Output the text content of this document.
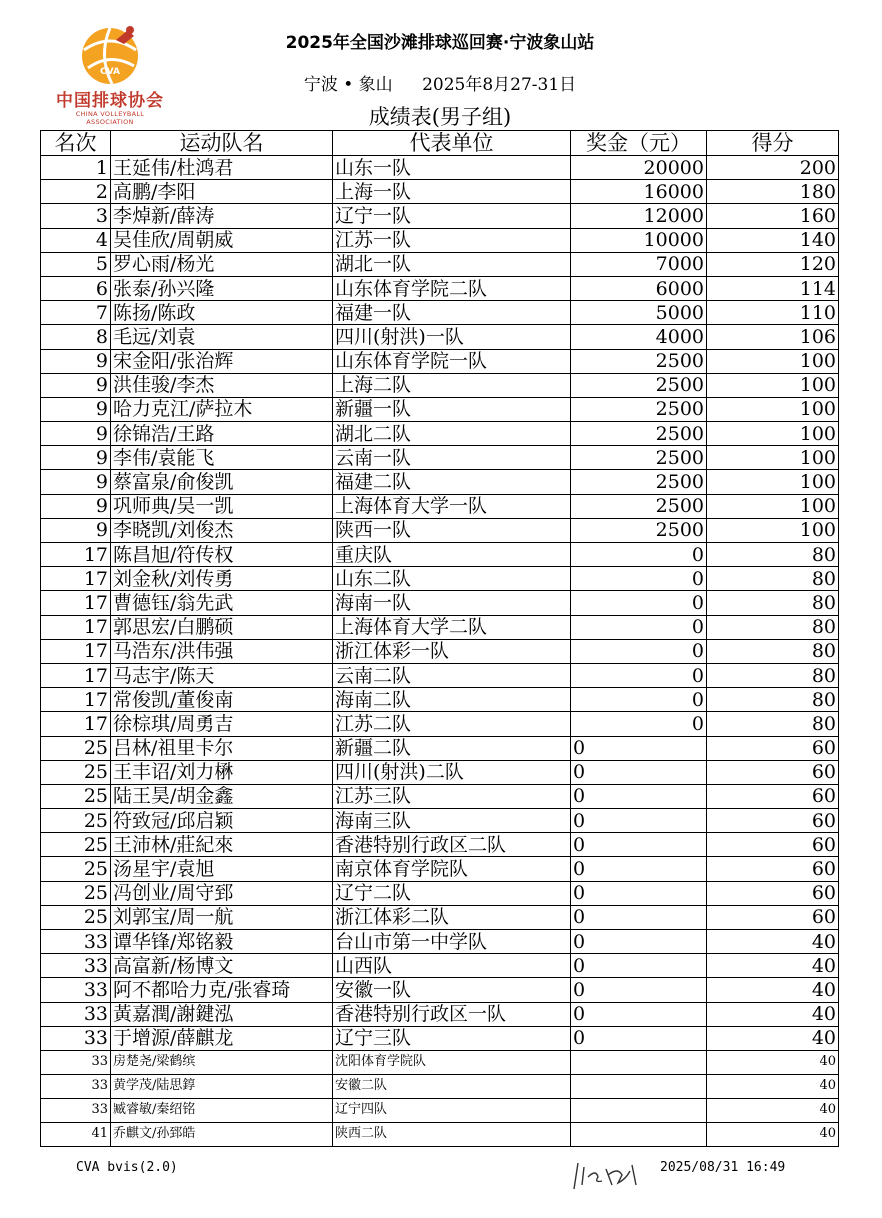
CVA
中国排球协会
CHINA VOLLEYBALL ASSOCIATION
2025年全国沙滩排球巡回赛·宁波象山站
宁波 • 象山 2025年8月27-31日
成绩表(男子组)
名次	运动队名	代表单位	奖金（元）	得分
1	王延伟/杜鸿君	山东一队	20000	200
2	高鹏/李阳	上海一队	16000	180
3	李焯新/薛涛	辽宁一队	12000	160
4	吴佳欣/周朝威	江苏一队	10000	140
5	罗心雨/杨光	湖北一队	7000	120
6	张泰/孙兴隆	山东体育学院二队	6000	114
7	陈扬/陈政	福建一队	5000	110
8	毛远/刘袁	四川(射洪)一队	4000	106
9	宋金阳/张治辉	山东体育学院一队	2500	100
9	洪佳骏/李杰	上海二队	2500	100
9	哈力克江/萨拉木	新疆一队	2500	100
9	徐锦浩/王路	湖北二队	2500	100
9	李伟/袁能飞	云南一队	2500	100
9	蔡富泉/俞俊凯	福建二队	2500	100
9	巩师典/吴一凯	上海体育大学一队	2500	100
9	李晓凯/刘俊杰	陕西一队	2500	100
17	陈昌旭/符传权	重庆队	0	80
17	刘金秋/刘传勇	山东二队	0	80
17	曹德钰/翁先武	海南一队	0	80
17	郭思宏/白鹏硕	上海体育大学二队	0	80
17	马浩东/洪伟强	浙江体彩一队	0	80
17	马志宇/陈天	云南二队	0	80
17	常俊凯/董俊南	海南二队	0	80
17	徐棕琪/周勇吉	江苏二队	0	80
25	吕林/祖里卡尔	新疆二队	0	60
25	王丰诏/刘力楙	四川(射洪)二队	0	60
25	陆王昊/胡金鑫	江苏三队	0	60
25	符致冠/邱启颖	海南三队	0	60
25	王沛林/莊紀來	香港特别行政区二队	0	60
25	汤星宇/袁旭	南京体育学院队	0	60
25	冯创业/周守郅	辽宁二队	0	60
25	刘郭宝/周一航	浙江体彩二队	0	60
33	谭华锋/郑铭毅	台山市第一中学队	0	40
33	高富新/杨博文	山西队	0	40
33	阿不都哈力克/张睿琦	安徽一队	0	40
33	黃嘉潤/謝鍵泓	香港特别行政区一队	0	40
33	于增源/薛麒龙	辽宁三队	0	40
33	房楚尧/梁鹤缤	沈阳体育学院队		40
33	黄学茂/陆思錞	安徽二队		40
33	臧睿敏/秦绍铭	辽宁四队		40
41	乔麒文/孙郅皓	陕西二队		40
CVA bvis(2.0)	2025/08/31 16:49
